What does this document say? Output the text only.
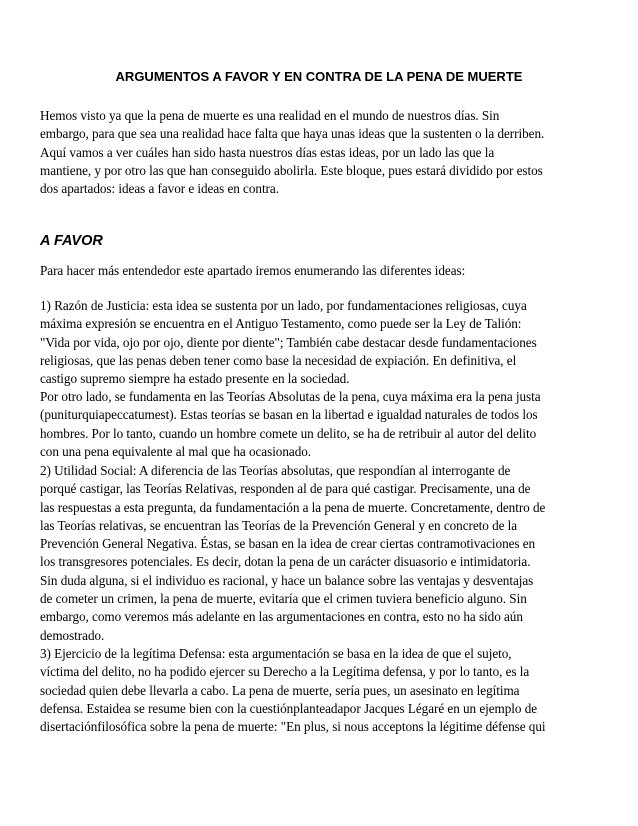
ARGUMENTOS A FAVOR Y EN CONTRA DE LA PENA DE MUERTE

Hemos visto ya que la pena de muerte es una realidad en el mundo de nuestros días. Sin
embargo, para que sea una realidad hace falta que haya unas ideas que la sustenten o la derriben.
Aquí vamos a ver cuáles han sido hasta nuestros días estas ideas, por un lado las que la
mantiene, y por otro las que han conseguido abolirla. Este bloque, pues estará dividido por estos
dos apartados: ideas a favor e ideas en contra.

A FAVOR

Para hacer más entendedor este apartado iremos enumerando las diferentes ideas:

1) Razón de Justicia: esta idea se sustenta por un lado, por fundamentaciones religiosas, cuya
máxima expresión se encuentra en el Antiguo Testamento, como puede ser la Ley de Talión:
"Vida por vida, ojo por ojo, diente por diente"; También cabe destacar desde fundamentaciones
religiosas, que las penas deben tener como base la necesidad de expiación. En definitiva, el
castigo supremo siempre ha estado presente en la sociedad.

Por otro lado, se fundamenta en las Teorías Absolutas de la pena, cuya máxima era la pena justa
(puniturquiapeccatumest). Estas teorías se basan en la libertad e igualdad naturales de todos los
hombres. Por lo tanto, cuando un hombre comete un delito, se ha de retribuir al autor del delito
con una pena equivalente al mal que ha ocasionado.

2) Utilidad Social: A diferencia de las Teorías absolutas, que respondían al interrogante de
porqué castigar, las Teorías Relativas, responden al de para qué castigar. Precisamente, una de
las respuestas a esta pregunta, da fundamentación a la pena de muerte. Concretamente, dentro de
las Teorías relativas, se encuentran las Teorías de la Prevención General y en concreto de la
Prevención General Negativa. Éstas, se basan en la idea de crear ciertas contramotivaciones en
los transgresores potenciales. Es decir, dotan la pena de un carácter disuasorio e intimidatoria.
Sin duda alguna, si el individuo es racional, y hace un balance sobre las ventajas y desventajas
de cometer un crimen, la pena de muerte, evitaría que el crimen tuviera beneficio alguno. Sin
embargo, como veremos más adelante en las argumentaciones en contra, esto no ha sido aún
demostrado.

3) Ejercicio de la legítima Defensa: esta argumentación se basa en la idea de que el sujeto,
víctima del delito, no ha podido ejercer su Derecho a la Legítima defensa, y por lo tanto, es la
sociedad quien debe llevarla a cabo. La pena de muerte, sería pues, un asesinato en legítima
defensa. Estaidea se resume bien con la cuestiónplanteadapor Jacques Légaré en un ejemplo de
disertaciónfilosófica sobre la pena de muerte: "En plus, si nous acceptons la légitime défense qui
